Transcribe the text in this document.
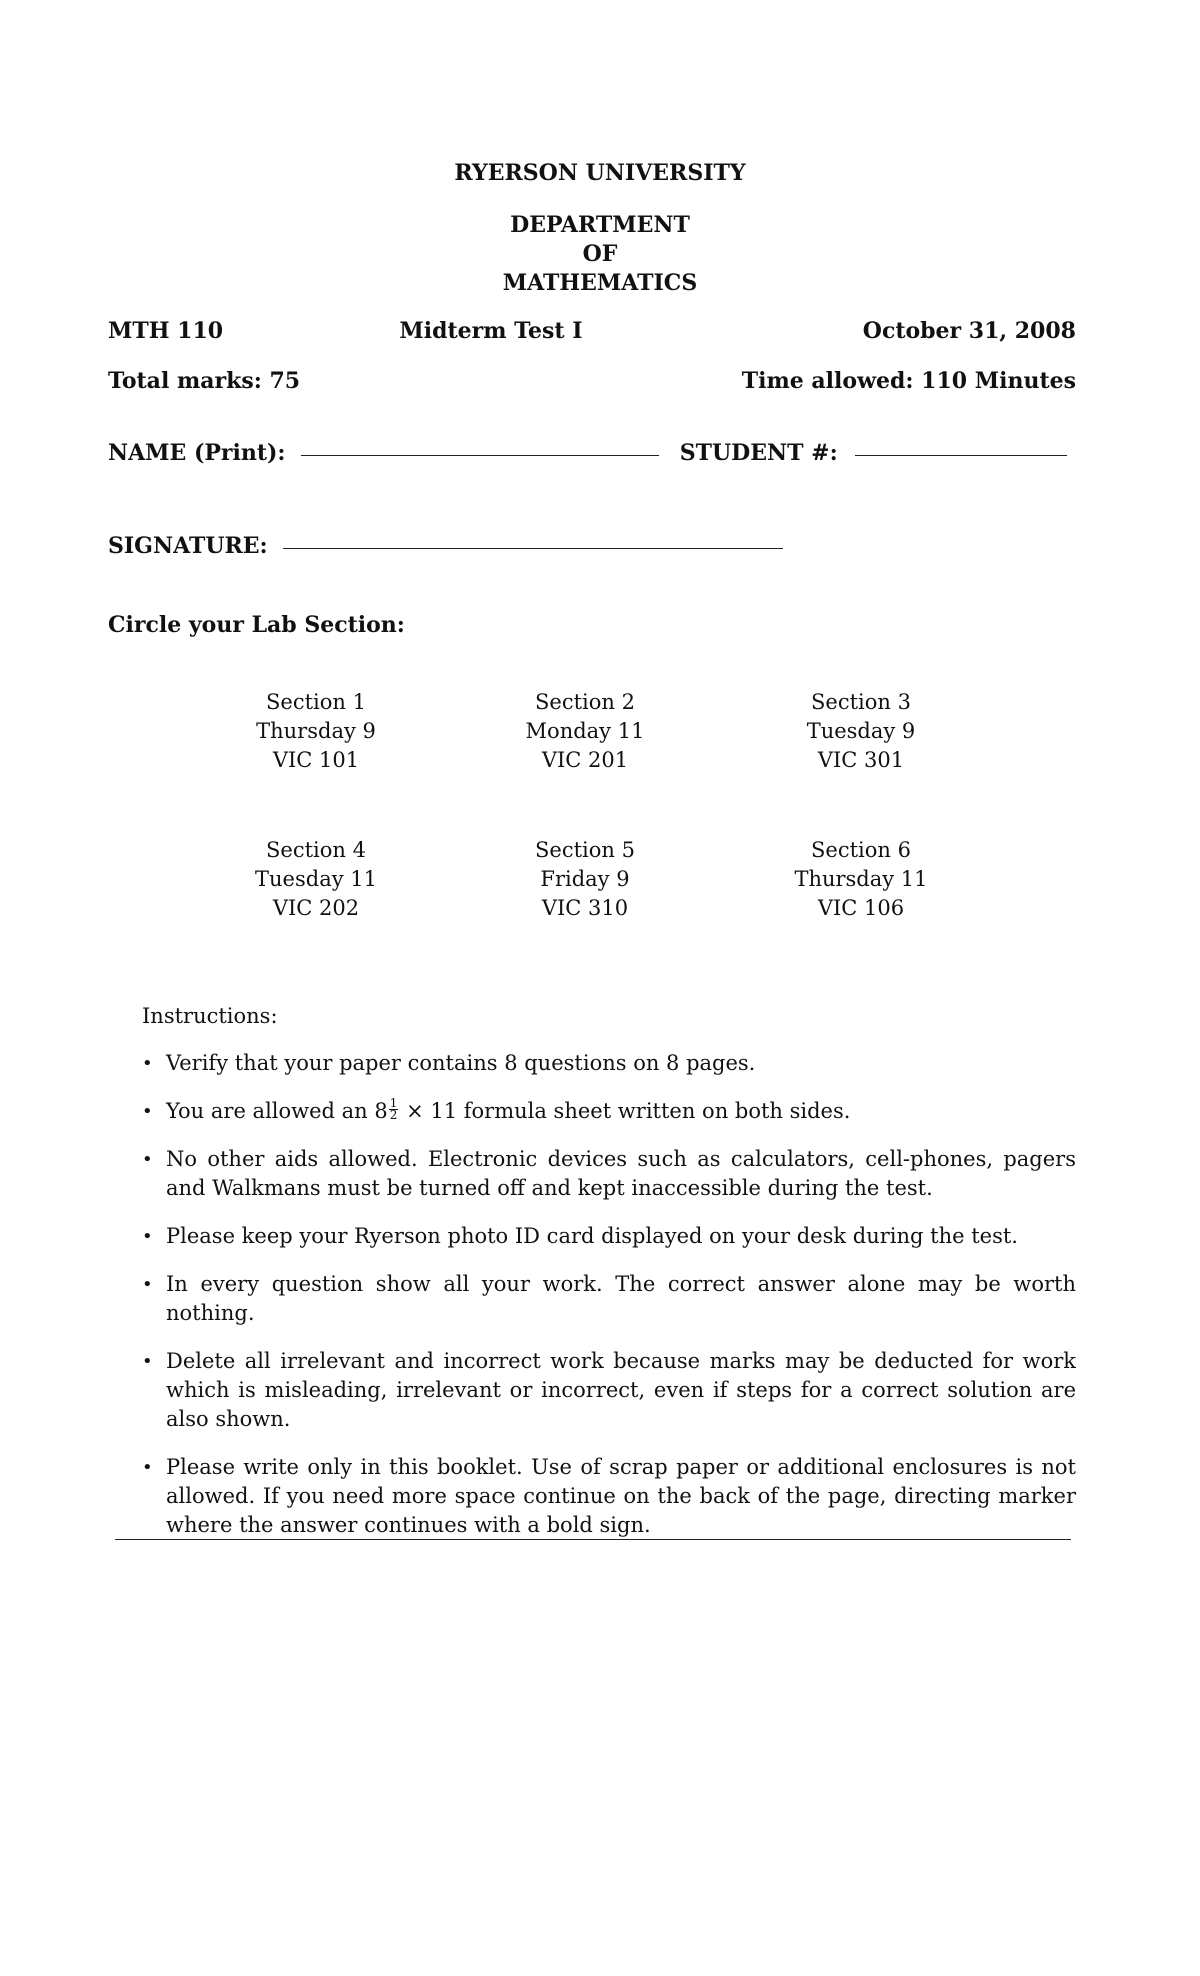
RYERSON UNIVERSITY
DEPARTMENT
OF
MATHEMATICS
MTH 110	Midterm Test I	October 31, 2008
Total marks: 75	Time allowed: 110 Minutes
NAME (Print):	STUDENT #:
SIGNATURE:
Circle your Lab Section:
Section 1
Thursday 9
VIC 101
Section 2
Monday 11
VIC 201
Section 3
Tuesday 9
VIC 301
Section 4
Tuesday 11
VIC 202
Section 5
Friday 9
VIC 310
Section 6
Thursday 11
VIC 106
Instructions:
• Verify that your paper contains 8 questions on 8 pages.
• You are allowed an $8 \frac{1}{2} \times 11$ formula sheet written on both sides.
• No other aids allowed. Electronic devices such as calculators, cell-phones, pagers and Walkmans must be turned off and kept inaccessible during the test.
• Please keep your Ryerson photo ID card displayed on your desk during the test.
• In every question show all your work. The correct answer alone may be worth nothing.
• Delete all irrelevant and incorrect work because marks may be deducted for work which is misleading, irrelevant or incorrect, even if steps for a correct solution are also shown.
• Please write only in this booklet. Use of scrap paper or additional enclosures is not allowed. If you need more space continue on the back of the page, directing marker where the answer continues with a bold sign.
